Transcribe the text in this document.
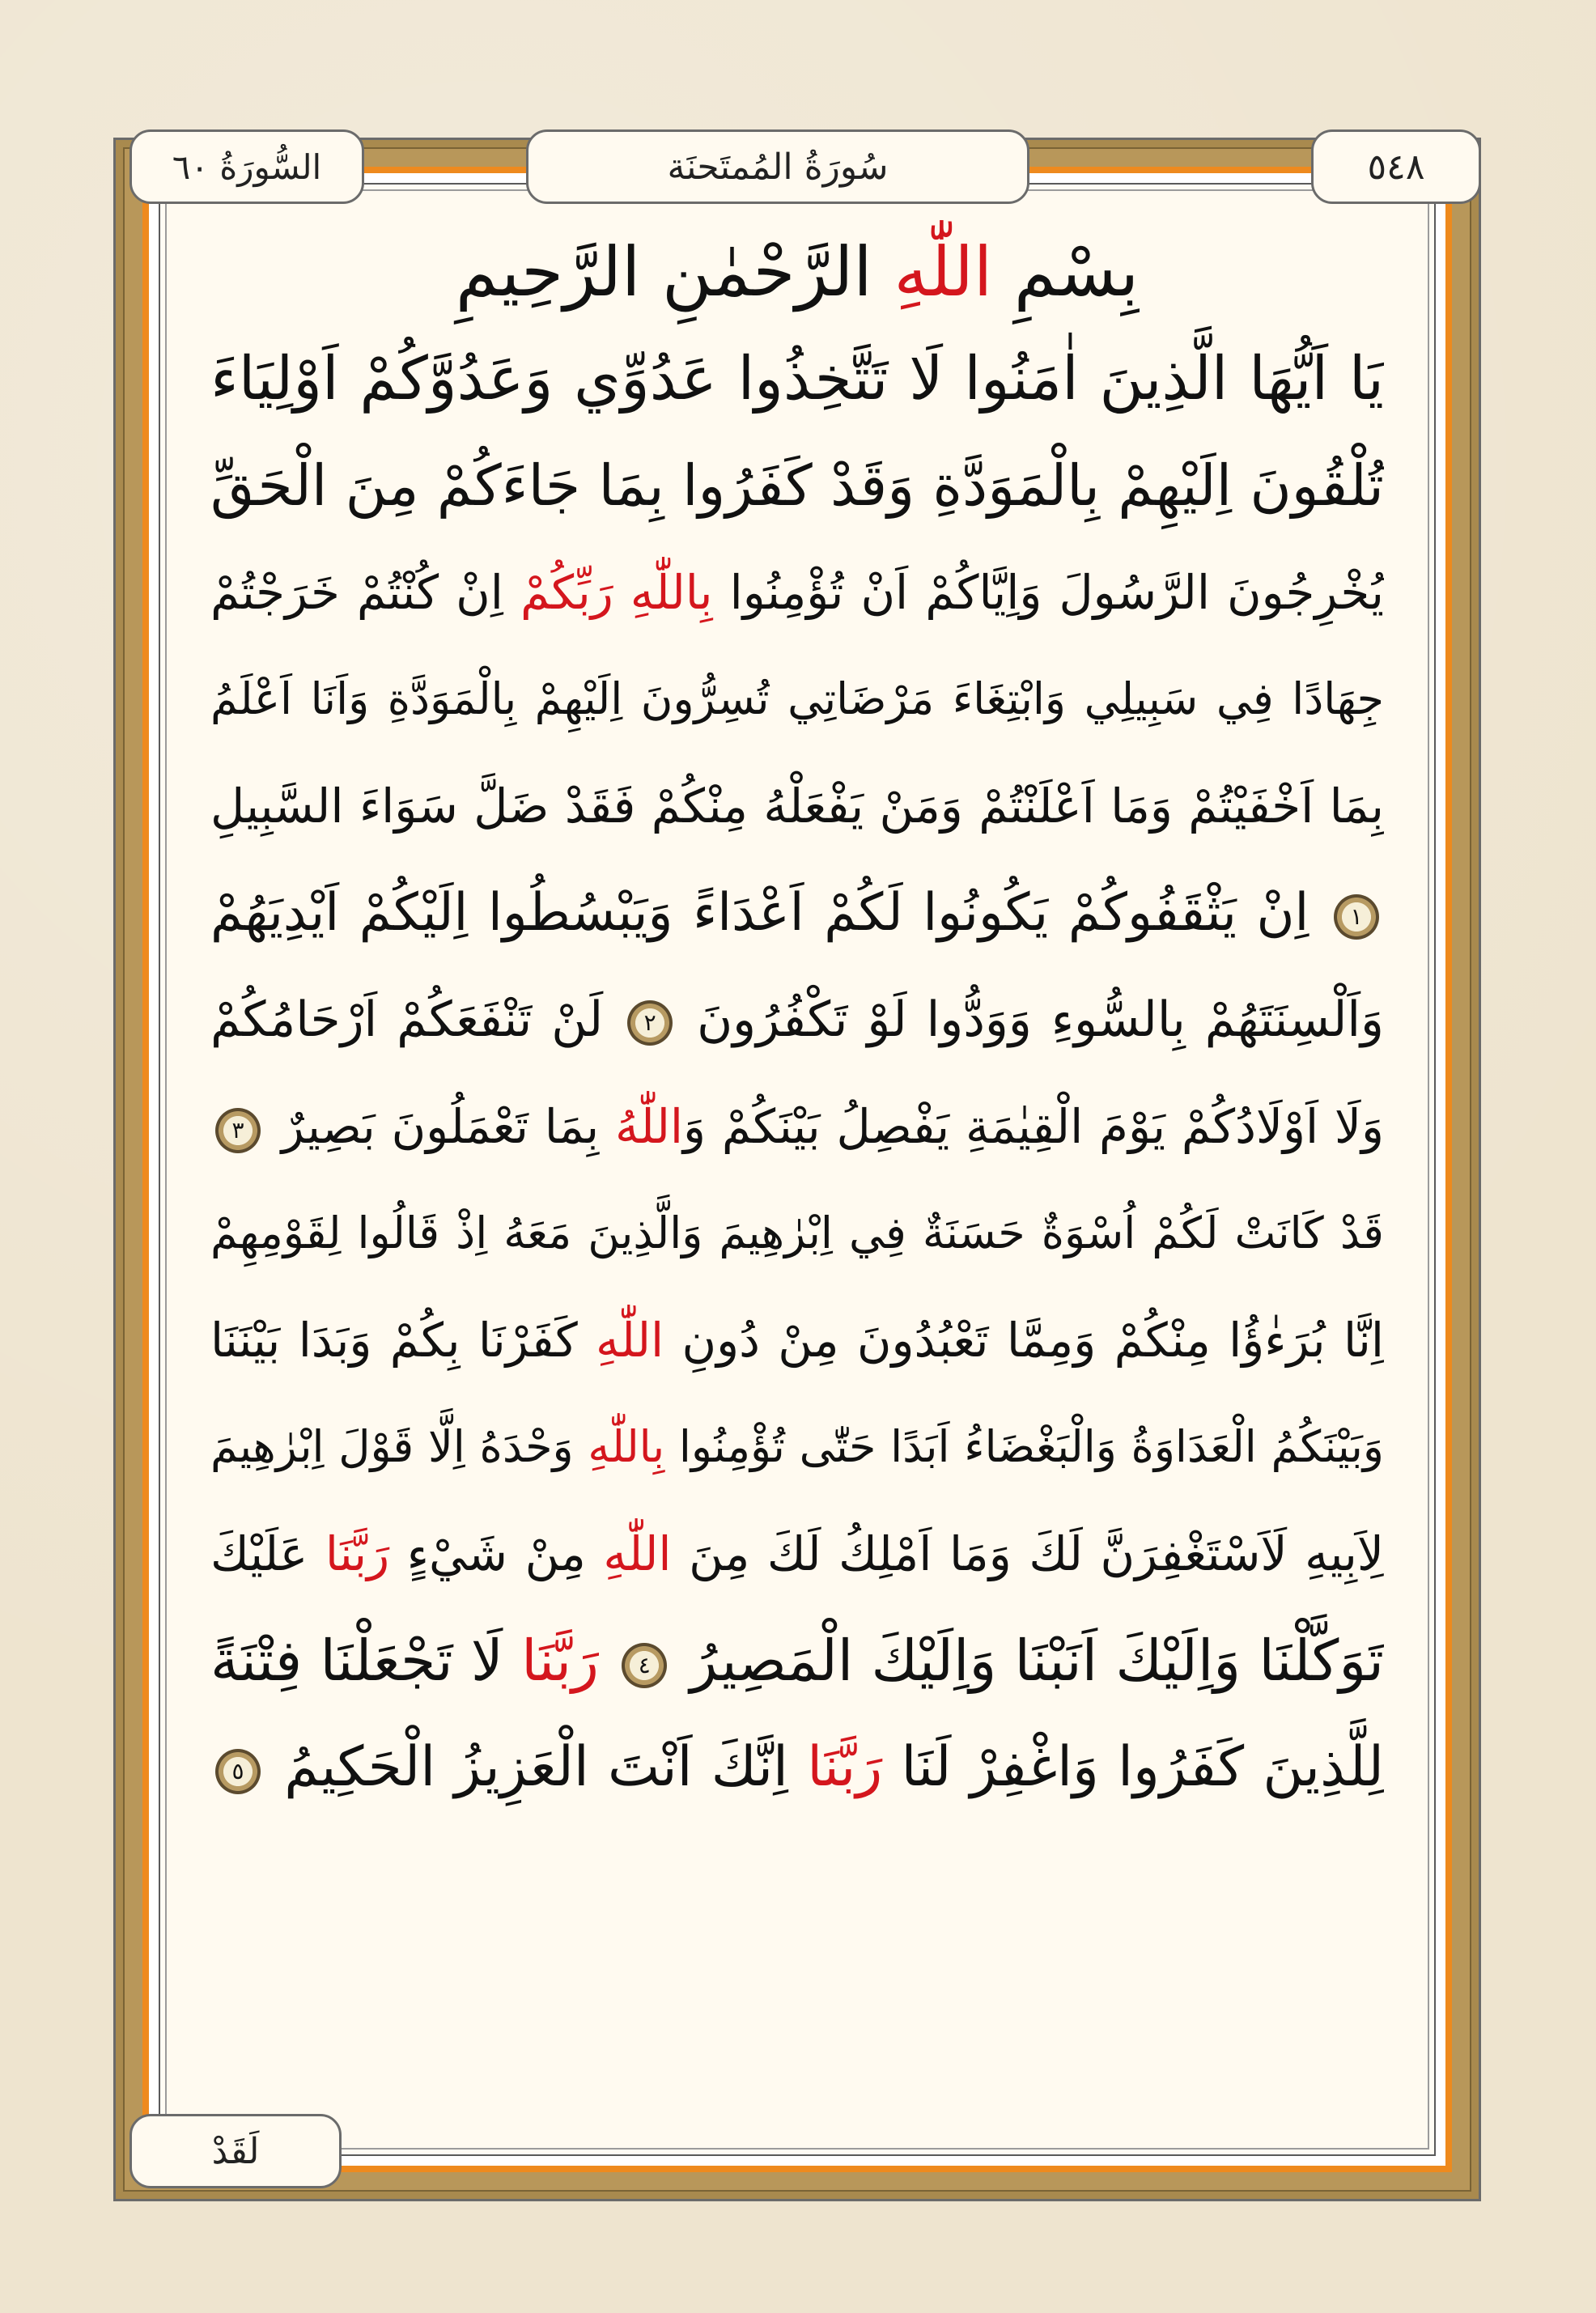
السُّورَةُ ٦٠	سُورَةُ المُمتَحنَة	٥٤٨
بِسْمِ اللّٰهِ الرَّحْمٰنِ الرَّحِيمِ
يَا اَيُّهَا الَّذِينَ اٰمَنُوا لَا تَتَّخِذُوا عَدُوِّي وَعَدُوَّكُمْ اَوْلِيَاءَ
تُلْقُونَ اِلَيْهِمْ بِالْمَوَدَّةِ وَقَدْ كَفَرُوا بِمَا جَاءَكُمْ مِنَ الْحَقِّ
يُخْرِجُونَ الرَّسُولَ وَاِيَّاكُمْ اَنْ تُؤْمِنُوا بِاللّٰهِ رَبِّكُمْ اِنْ كُنْتُمْ خَرَجْتُمْ
جِهَادًا فِي سَبِيلِي وَابْتِغَاءَ مَرْضَاتِي تُسِرُّونَ اِلَيْهِمْ بِالْمَوَدَّةِ وَاَنَا اَعْلَمُ
بِمَا اَخْفَيْتُمْ وَمَا اَعْلَنْتُمْ وَمَنْ يَفْعَلْهُ مِنْكُمْ فَقَدْ ضَلَّ سَوَاءَ السَّبِيلِ
١ اِنْ يَثْقَفُوكُمْ يَكُونُوا لَكُمْ اَعْدَاءً وَيَبْسُطُوا اِلَيْكُمْ اَيْدِيَهُمْ
وَاَلْسِنَتَهُمْ بِالسُّوءِ وَوَدُّوا لَوْ تَكْفُرُونَ ٢ لَنْ تَنْفَعَكُمْ اَرْحَامُكُمْ
وَلَا اَوْلَادُكُمْ يَوْمَ الْقِيٰمَةِ يَفْصِلُ بَيْنَكُمْ وَاللّٰهُ بِمَا تَعْمَلُونَ بَصِيرٌ ٣
قَدْ كَانَتْ لَكُمْ اُسْوَةٌ حَسَنَةٌ فِي اِبْرٰهِيمَ وَالَّذِينَ مَعَهُ اِذْ قَالُوا لِقَوْمِهِمْ
اِنَّا بُرَءٰؤُا مِنْكُمْ وَمِمَّا تَعْبُدُونَ مِنْ دُونِ اللّٰهِ كَفَرْنَا بِكُمْ وَبَدَا بَيْنَنَا
وَبَيْنَكُمُ الْعَدَاوَةُ وَالْبَغْضَاءُ اَبَدًا حَتّٰى تُؤْمِنُوا بِاللّٰهِ وَحْدَهُ اِلَّا قَوْلَ اِبْرٰهِيمَ
لِاَبِيهِ لَاَسْتَغْفِرَنَّ لَكَ وَمَا اَمْلِكُ لَكَ مِنَ اللّٰهِ مِنْ شَيْءٍ رَبَّنَا عَلَيْكَ
تَوَكَّلْنَا وَاِلَيْكَ اَنَبْنَا وَاِلَيْكَ الْمَصِيرُ ٤ رَبَّنَا لَا تَجْعَلْنَا فِتْنَةً
لِلَّذِينَ كَفَرُوا وَاغْفِرْ لَنَا رَبَّنَا اِنَّكَ اَنْتَ الْعَزِيزُ الْحَكِيمُ ٥
لَقَدْ
